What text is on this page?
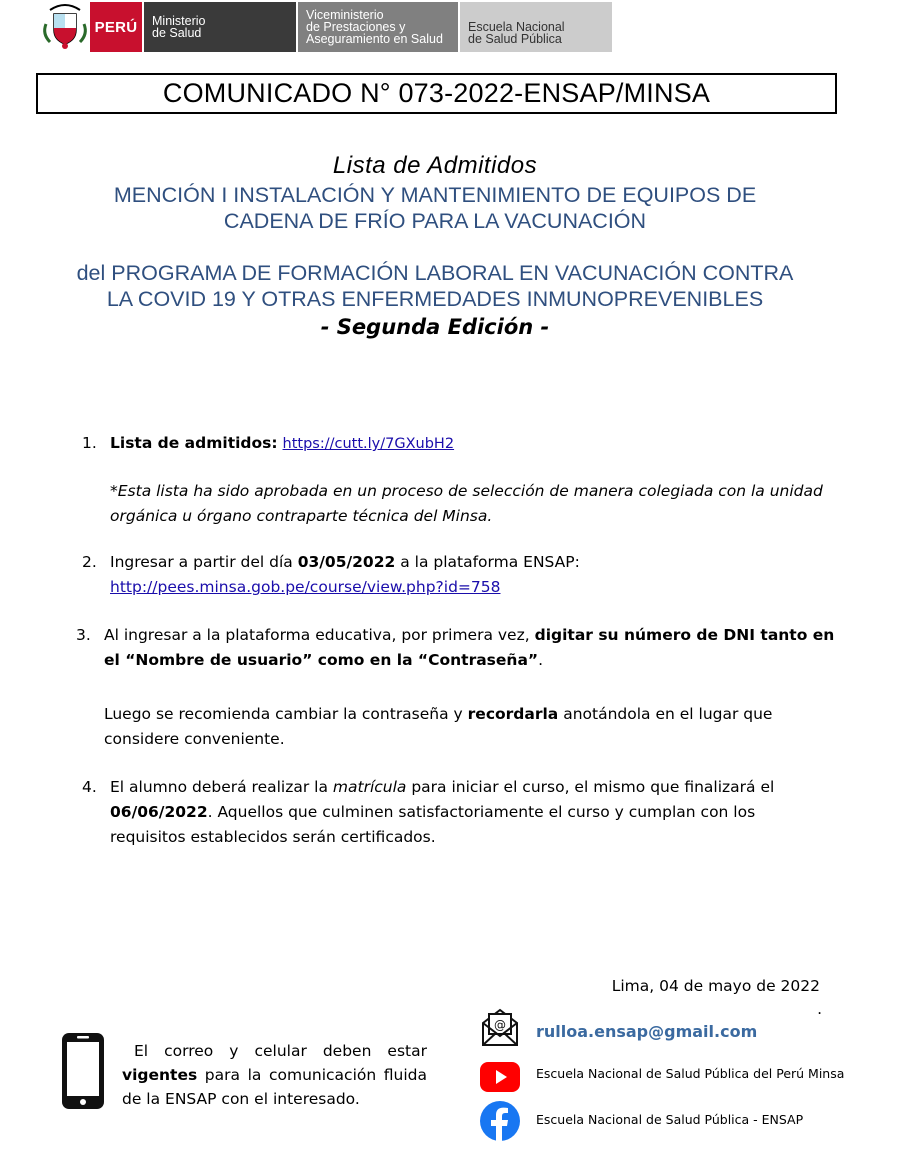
PERÚ	Ministerio
de Salud
Viceministerio
de Prestaciones y
Aseguramiento en Salud
Escuela Nacional
de Salud Pública
COMUNICADO N° 073-2022-ENSAP/MINSA
Lista de Admitidos
MENCIÓN I INSTALACIÓN Y MANTENIMIENTO DE EQUIPOS DE
CADENA DE FRÍO PARA LA VACUNACIÓN
del PROGRAMA DE FORMACIÓN LABORAL EN VACUNACIÓN CONTRA
LA COVID 19 Y OTRAS ENFERMEDADES INMUNOPREVENIBLES
- Segunda Edición -
1. Lista de admitidos: https://cutt.ly/7GXubH2
*Esta lista ha sido aprobada en un proceso de selección de manera colegiada con la unidad
orgánica u órgano contraparte técnica del Minsa.
2. Ingresar a partir del día 03/05/2022 a la plataforma ENSAP:
http://pees.minsa.gob.pe/course/view.php?id=758
3. Al ingresar a la plataforma educativa, por primera vez, digitar su número de DNI tanto en
el “Nombre de usuario” como en la “Contraseña”.
Luego se recomienda cambiar la contraseña y recordarla anotándola en el lugar que
considere conveniente.
4. El alumno deberá realizar la matrícula para iniciar el curso, el mismo que finalizará el
06/06/2022. Aquellos que culminen satisfactoriamente el curso y cumplan con los
requisitos establecidos serán certificados.
Lima, 04 de mayo de 2022
.
El correo y celular deben estar vigentes para la comunicación fluida de la ENSAP con el interesado.
@ rulloa.ensap@gmail.com
Escuela Nacional de Salud Pública del Perú Minsa
Escuela Nacional de Salud Pública - ENSAP
